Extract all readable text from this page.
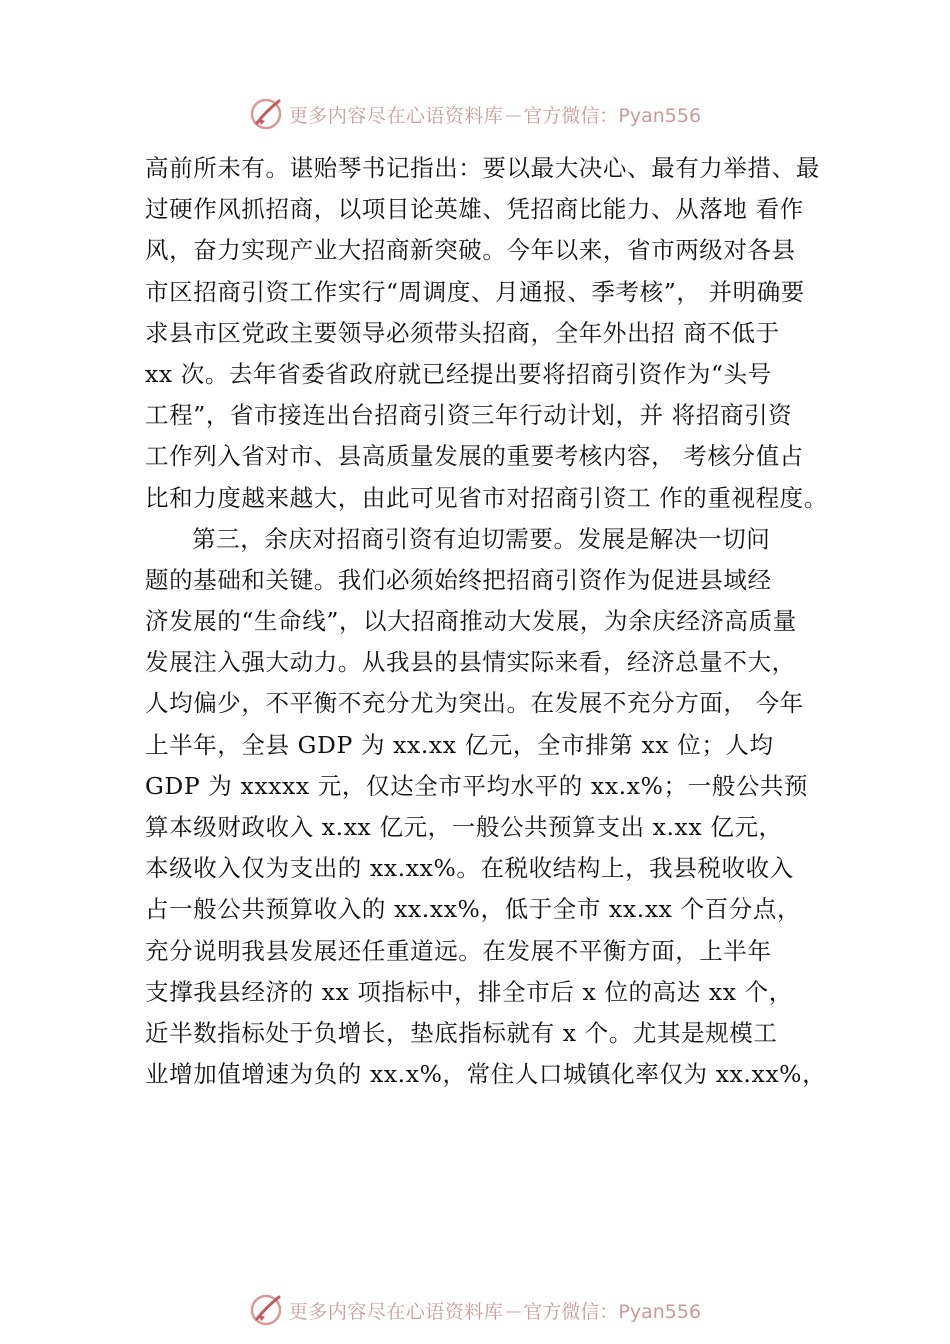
更多内容尽在心语资料库 — 官方微信：Pyan556
高前所未有。谌贻琴书记指出：要以最大决心、最有力举措、最
过硬作风抓招商，以项目论英雄、凭招商比能力、从落地 看作
风，奋力实现产业大招商新突破。今年以来，省市两级对各县
市区招商引资工作实行“周调度、月通报、季考核”， 并明确要
求县市区党政主要领导必须带头招商，全年外出招 商不低于
xx 次。去年省委省政府就已经提出要将招商引资作为“头号
工程”，省市接连出台招商引资三年行动计划，并 将招商引资
工作列入省对市、县高质量发展的重要考核内容， 考核分值占
比和力度越来越大，由此可见省市对招商引资工 作的重视程度。
第三，余庆对招商引资有迫切需要。发展是解决一切问
题的基础和关键。我们必须始终把招商引资作为促进县域经
济发展的“生命线”，以大招商推动大发展，为余庆经济高质量
发展注入强大动力。从我县的县情实际来看，经济总量不大，
人均偏少，不平衡不充分尤为突出。在发展不充分方面， 今年
上半年，全县 GDP 为 xx.xx 亿元，全市排第 xx 位；人均
GDP 为 xxxxx 元，仅达全市平均水平的 xx.x%；一般公共预
算本级财政收入 x.xx 亿元，一般公共预算支出 x.xx 亿元，
本级收入仅为支出的 xx.xx%。在税收结构上，我县税收收入
占一般公共预算收入的 xx.xx%，低于全市 xx.xx 个百分点，
充分说明我县发展还任重道远。在发展不平衡方面，上半年
支撑我县经济的 xx 项指标中，排全市后 x 位的高达 xx 个，
近半数指标处于负增长，垫底指标就有 x 个。尤其是规模工
业增加值增速为负的 xx.x%，常住人口城镇化率仅为 xx.xx%，
更多内容尽在心语资料库 — 官方微信：Pyan556
